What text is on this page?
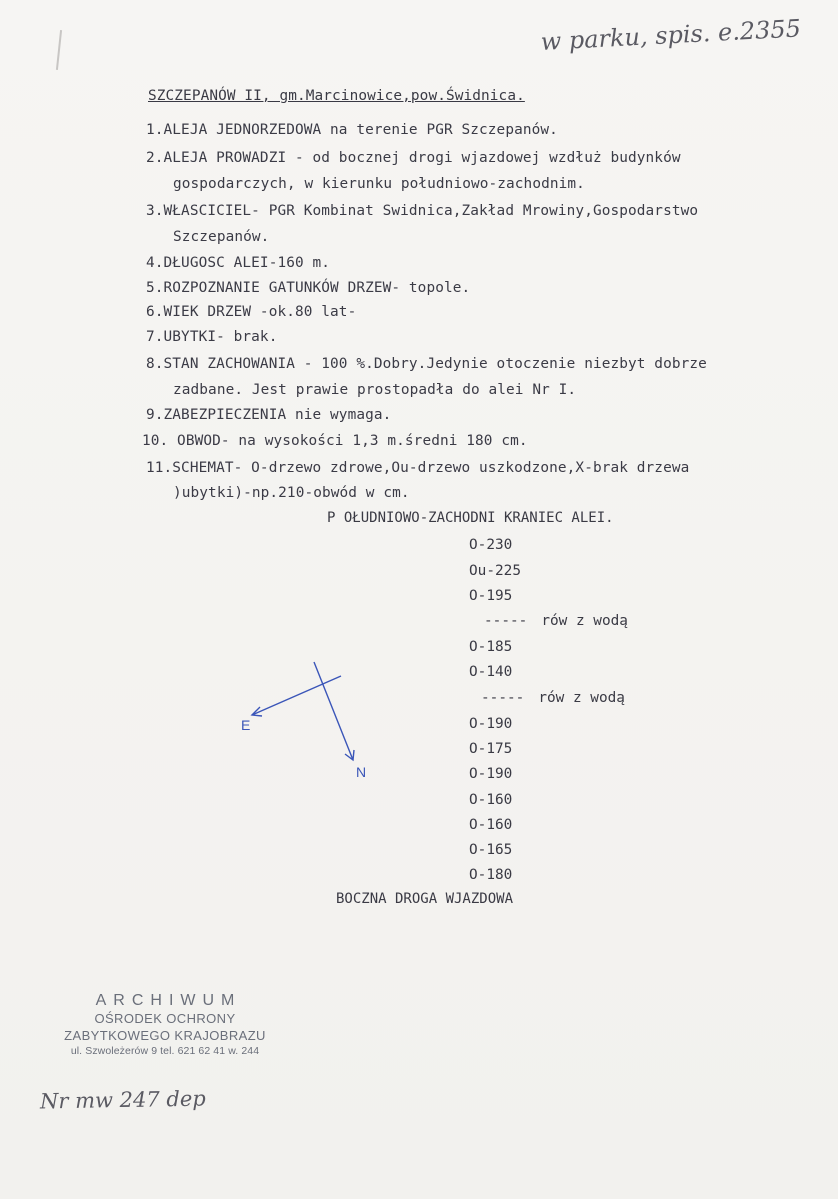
w parku, spis. e.2355
SZCZEPANÓW II, gm.Marcinowice,pow.Świdnica.
1.ALEJA JEDNORZEDOWA na terenie PGR Szczepanów.
2.ALEJA PROWADZI - od bocznej drogi wjazdowej wzdłuż budynków
gospodarczych, w kierunku południowo-zachodnim.
3.WŁASCICIEL- PGR Kombinat Swidnica,Zakład Mrowiny,Gospodarstwo
Szczepanów.
4.DŁUGOSC ALEI-160 m.
5.ROZPOZNANIE GATUNKÓW DRZEW- topole.
6.WIEK DRZEW -ok.80 lat-
7.UBYTKI- brak.
8.STAN ZACHOWANIA - 100 %.Dobry.Jedynie otoczenie niezbyt dobrze
zadbane. Jest prawie prostopadła do alei Nr I.
9.ZABEZPIECZENIA nie wymaga.
10. OBWOD- na wysokości 1,3 m.średni 180 cm.
11.SCHEMAT- O-drzewo zdrowe,Ou-drzewo uszkodzone,X-brak drzewa
)ubytki)-np.210-obwód w cm.
P OŁUDNIOWO-ZACHODNI KRANIEC ALEI.
O-230
Ou-225
O-195
----- rów z wodą
O-185
O-140
----- rów z wodą
O-190
O-175
O-190
O-160
O-160
O-165
O-180
BOCZNA DROGA WJAZDOWA
E
N
ARCHIWUM
OŚRODEK OCHRONY
ZABYTKOWEGO KRAJOBRAZU
ul. Szwoleżerów 9 tel. 621 62 41 w. 244
Nr mw 247 dep
